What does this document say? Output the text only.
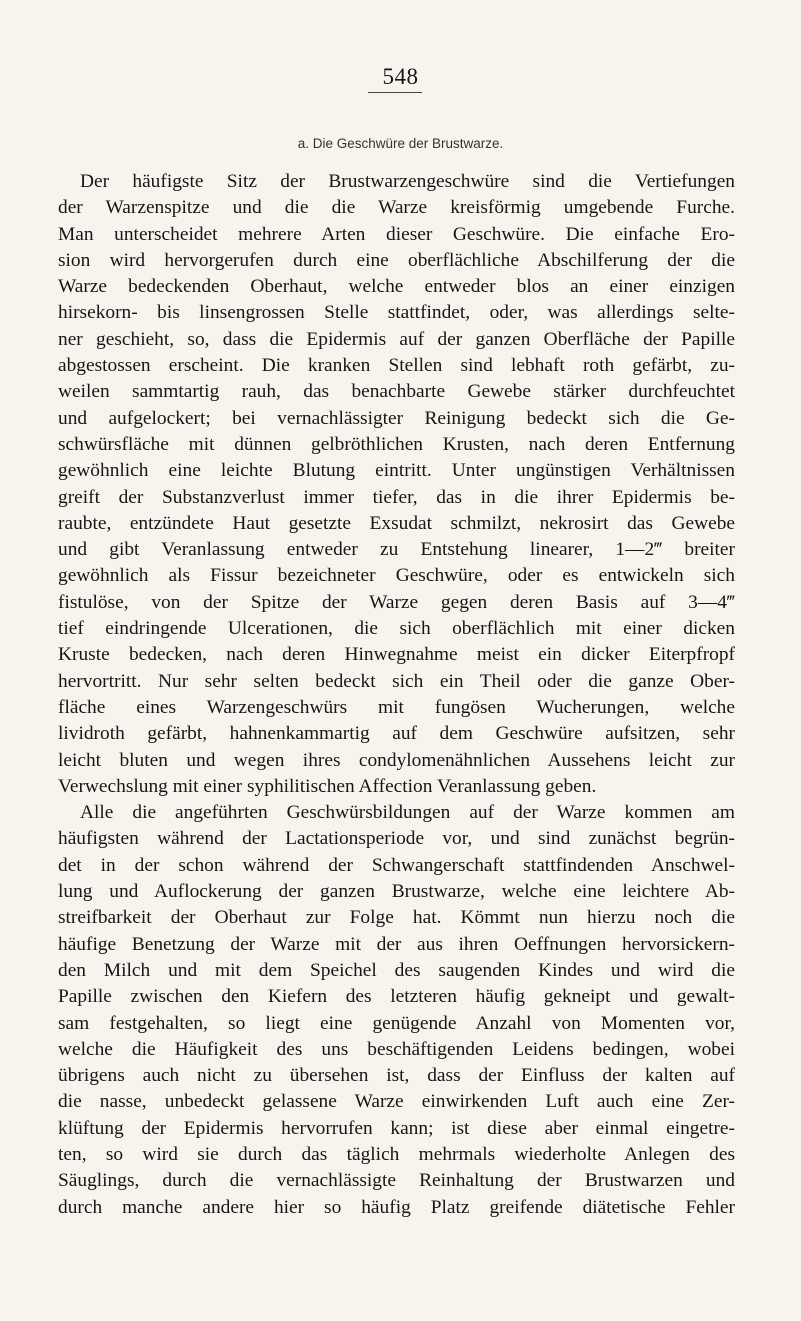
548
a. Die Geschwüre der Brustwarze.
Der häufigste Sitz der Brustwarzengeschwüre sind die Vertiefungen
der Warzenspitze und die die Warze kreisförmig umgebende Furche.
Man unterscheidet mehrere Arten dieser Geschwüre. Die einfache Ero-
sion wird hervorgerufen durch eine oberflächliche Abschilferung der die
Warze bedeckenden Oberhaut, welche entweder blos an einer einzigen
hirsekorn- bis linsengrossen Stelle stattfindet, oder, was allerdings selte-
ner geschieht, so, dass die Epidermis auf der ganzen Oberfläche der Papille
abgestossen erscheint. Die kranken Stellen sind lebhaft roth gefärbt, zu-
weilen sammtartig rauh, das benachbarte Gewebe stärker durchfeuchtet
und aufgelockert; bei vernachlässigter Reinigung bedeckt sich die Ge-
schwürsfläche mit dünnen gelbröthlichen Krusten, nach deren Entfernung
gewöhnlich eine leichte Blutung eintritt. Unter ungünstigen Verhältnissen
greift der Substanzverlust immer tiefer, das in die ihrer Epidermis be-
raubte, entzündete Haut gesetzte Exsudat schmilzt, nekrosirt das Gewebe
und gibt Veranlassung entweder zu Entstehung linearer, 1—2‴ breiter
gewöhnlich als Fissur bezeichneter Geschwüre, oder es entwickeln sich
fistulöse, von der Spitze der Warze gegen deren Basis auf 3—4‴
tief eindringende Ulcerationen, die sich oberflächlich mit einer dicken
Kruste bedecken, nach deren Hinwegnahme meist ein dicker Eiterpfropf
hervortritt. Nur sehr selten bedeckt sich ein Theil oder die ganze Ober-
fläche eines Warzengeschwürs mit fungösen Wucherungen, welche
lividroth gefärbt, hahnenkammartig auf dem Geschwüre aufsitzen, sehr
leicht bluten und wegen ihres condylomenähnlichen Aussehens leicht zur
Verwechslung mit einer syphilitischen Affection Veranlassung geben.
Alle die angeführten Geschwürsbildungen auf der Warze kommen am
häufigsten während der Lactationsperiode vor, und sind zunächst begrün-
det in der schon während der Schwangerschaft stattfindenden Anschwel-
lung und Auflockerung der ganzen Brustwarze, welche eine leichtere Ab-
streifbarkeit der Oberhaut zur Folge hat. Kömmt nun hierzu noch die
häufige Benetzung der Warze mit der aus ihren Oeffnungen hervorsickern-
den Milch und mit dem Speichel des saugenden Kindes und wird die
Papille zwischen den Kiefern des letzteren häufig gekneipt und gewalt-
sam festgehalten, so liegt eine genügende Anzahl von Momenten vor,
welche die Häufigkeit des uns beschäftigenden Leidens bedingen, wobei
übrigens auch nicht zu übersehen ist, dass der Einfluss der kalten auf
die nasse, unbedeckt gelassene Warze einwirkenden Luft auch eine Zer-
klüftung der Epidermis hervorrufen kann; ist diese aber einmal eingetre-
ten, so wird sie durch das täglich mehrmals wiederholte Anlegen des
Säuglings, durch die vernachlässigte Reinhaltung der Brustwarzen und
durch manche andere hier so häufig Platz greifende diätetische Fehler
